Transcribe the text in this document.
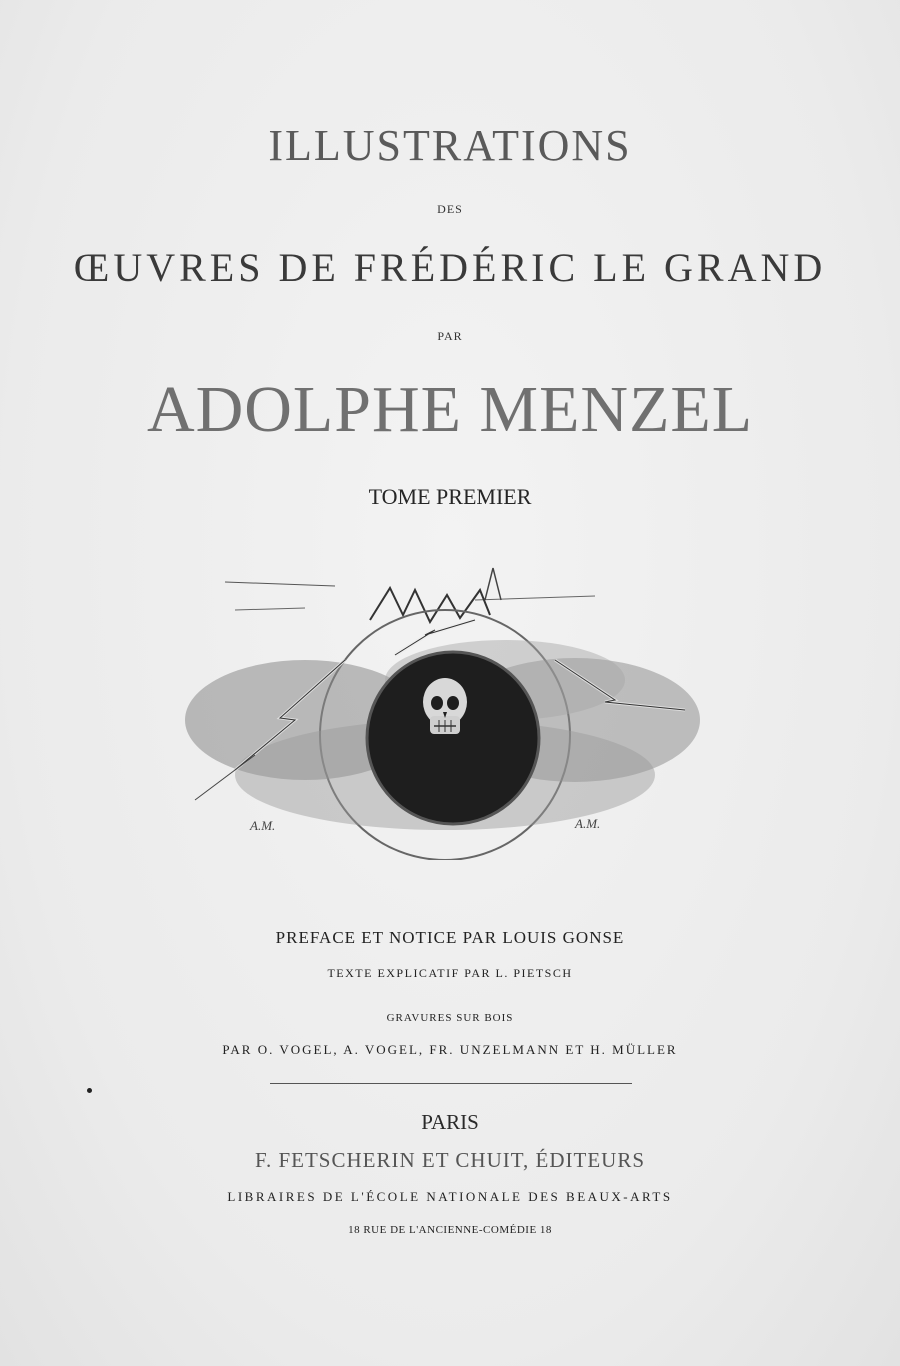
ILLUSTRATIONS
DES
ŒUVRES DE FRÉDÉRIC LE GRAND
PAR
ADOLPHE MENZEL
TOME PREMIER
A.M.	A.M.
PREFACE ET NOTICE PAR LOUIS GONSE
TEXTE EXPLICATIF PAR L. PIETSCH
GRAVURES SUR BOIS
PAR O. VOGEL, A. VOGEL, FR. UNZELMANN ET H. MÜLLER
PARIS
F. FETSCHERIN ET CHUIT, ÉDITEURS
LIBRAIRES DE L'ÉCOLE NATIONALE DES BEAUX-ARTS
18 RUE DE L'ANCIENNE-COMÉDIE 18
